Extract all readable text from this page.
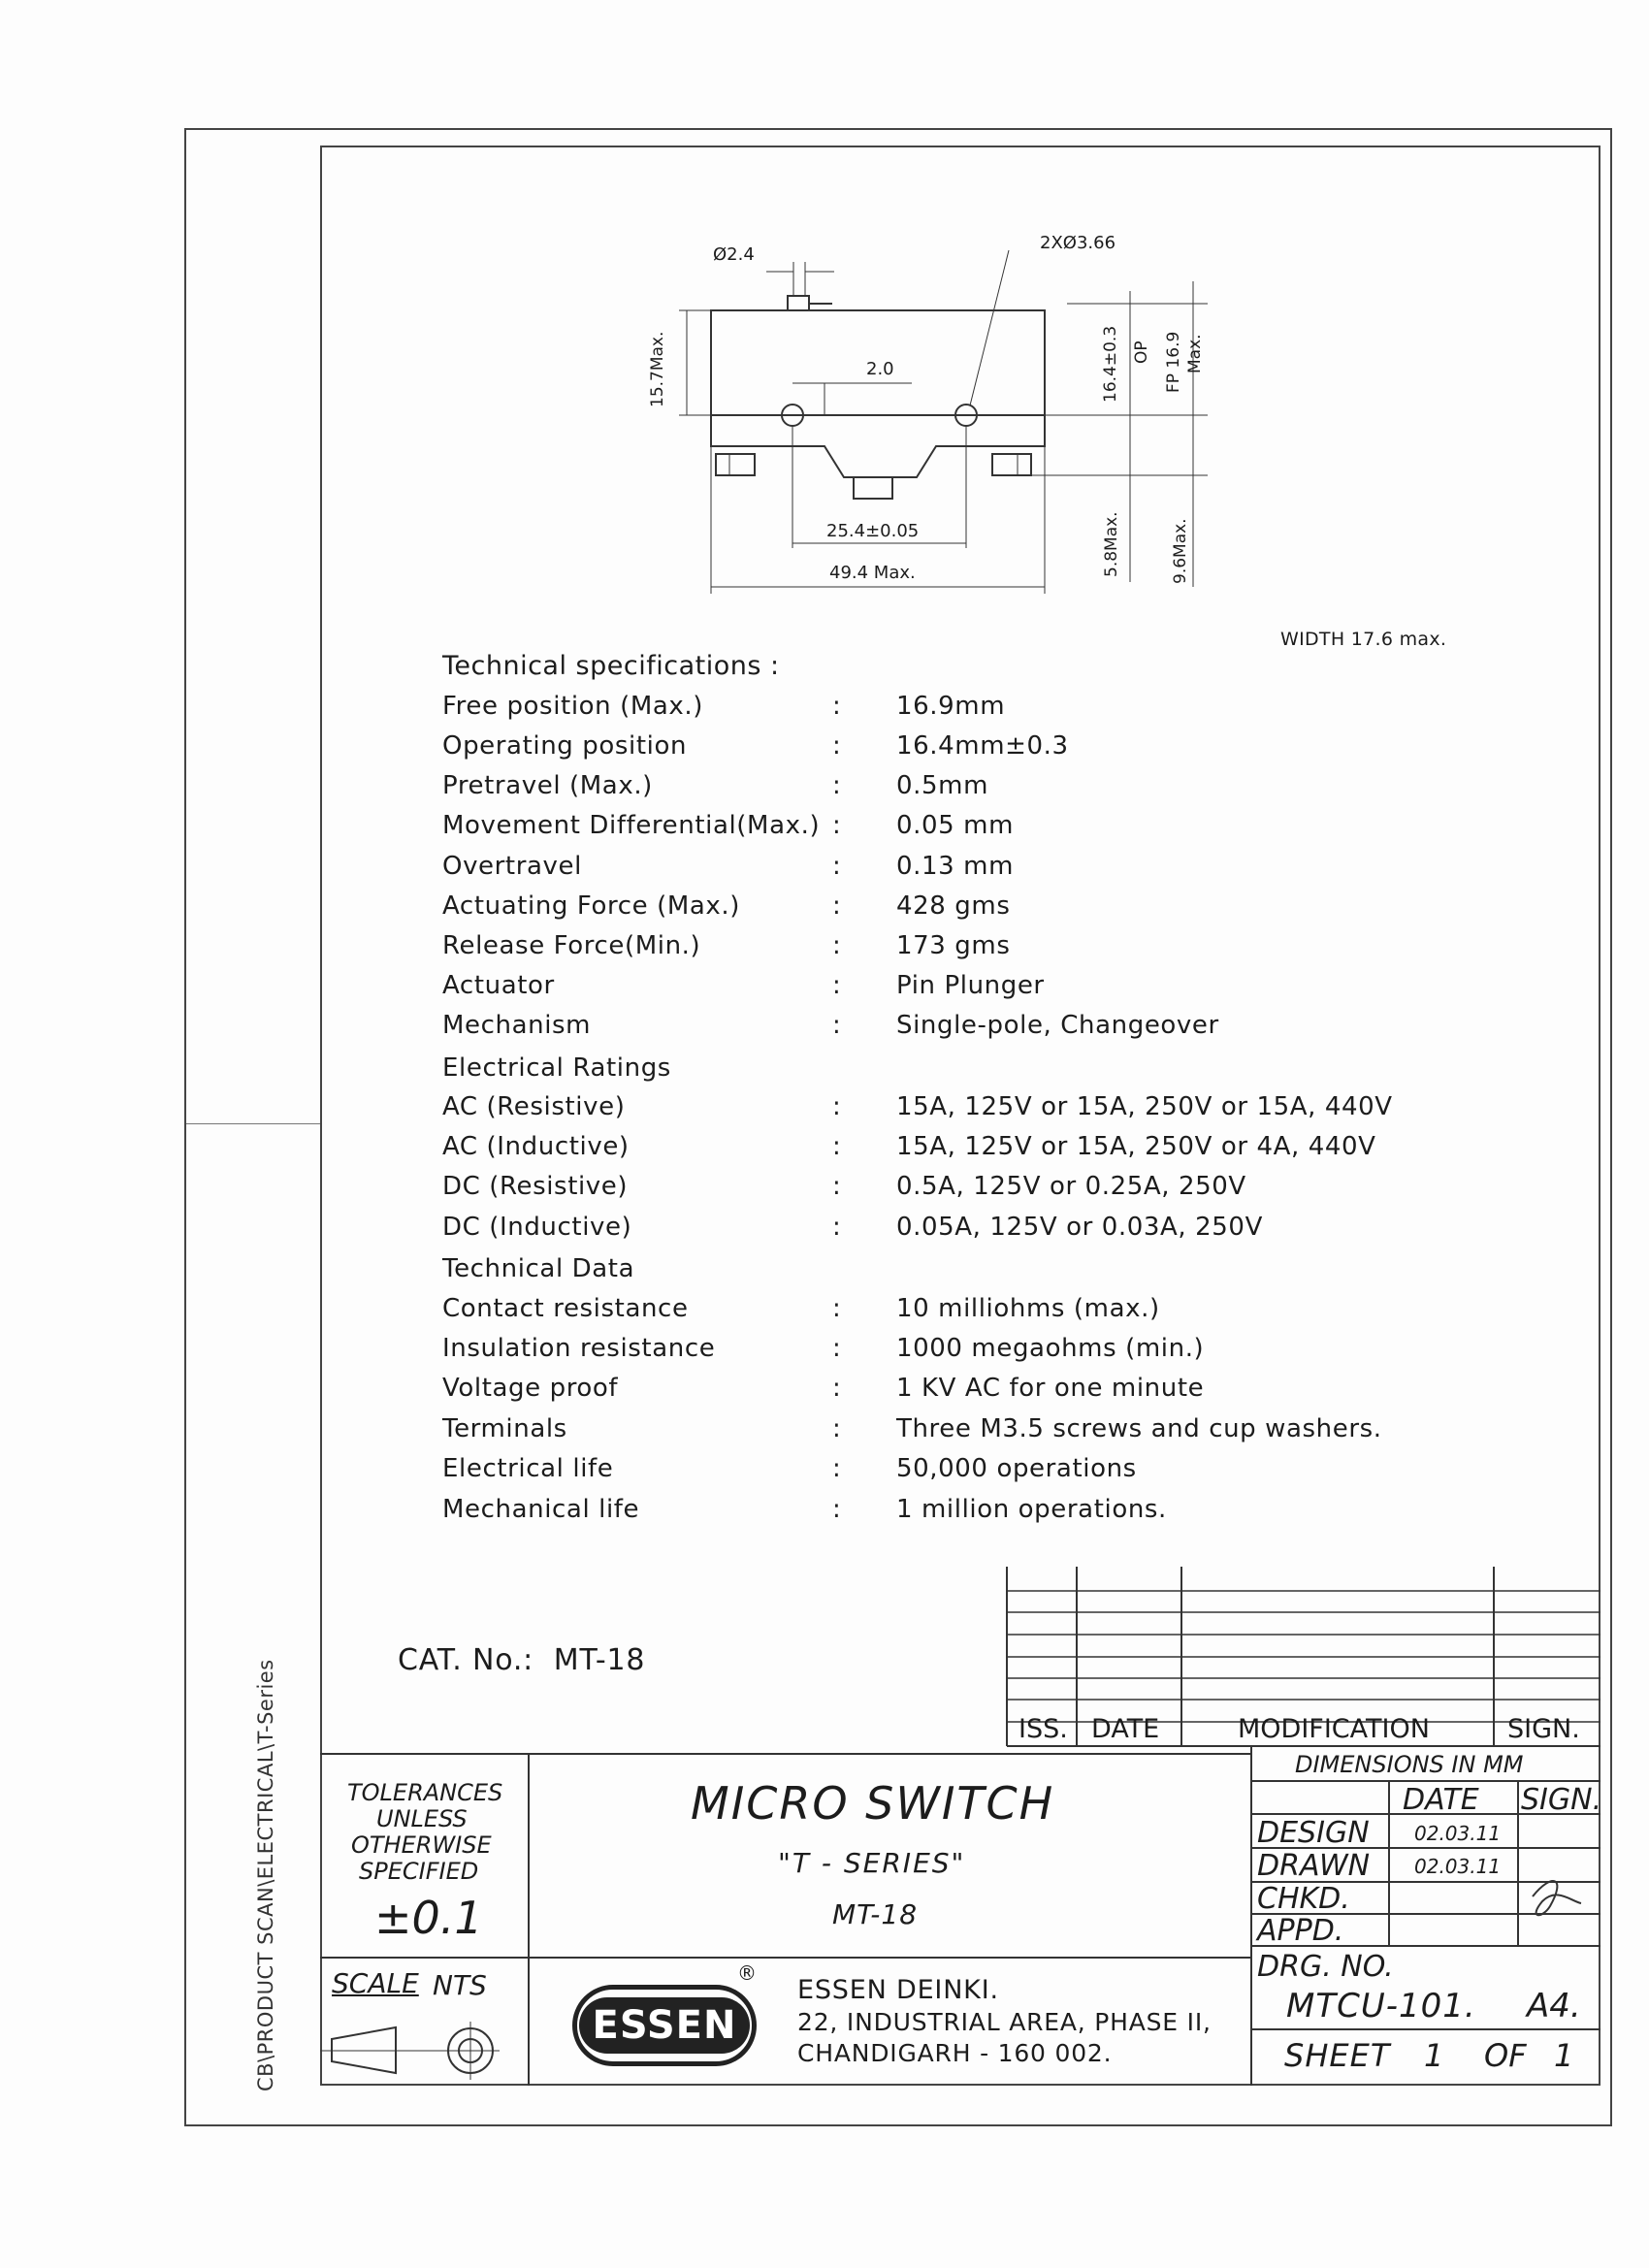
CB\PRODUCT SCAN\ELECTRICAL\T-Series
Ø2.4
2XØ3.66
2.0
25.4±0.05
49.4 Max.
15.7Max.	16.4±0.3 OP FP 16.9 Max.
5.8Max.	9.6Max.
WIDTH 17.6 max.
Technical specifications :
Free position (Max.)	: 16.9mm
Operating position	: 16.4mm±0.3
Pretravel (Max.)	: 0.5mm
Movement Differential(Max.) : 0.05 mm
Overtravel	: 0.13 mm
Actuating Force (Max.)	: 428 gms
Release Force(Min.)	: 173 gms
Actuator	: Pin Plunger
Mechanism	: Single-pole, Changeover
Electrical Ratings
AC (Resistive)	: 15A, 125V or 15A, 250V or 15A, 440V
AC (Inductive)	: 15A, 125V or 15A, 250V or 4A, 440V
DC (Resistive)	: 0.5A, 125V or 0.25A, 250V
DC (Inductive)	: 0.05A, 125V or 0.03A, 250V
Technical Data
Contact resistance	: 10 milliohms (max.)
Insulation resistance	: 1000 megaohms (min.)
Voltage proof	: 1 KV AC for one minute
Terminals	: Three M3.5 screws and cup washers.
Electrical life	: 50,000 operations
Mechanical life	: 1 million operations.
CAT. No.: MT-18
ISS. DATE	MODIFICATION	SIGN.
TOLERANCES
UNLESS
OTHERWISE
SPECIFIED
±0.1
SCALE NTS
MICRO SWITCH
"T - SERIES"
MT-18
ESSEN
®
ESSEN DEINKI.
22, INDUSTRIAL AREA, PHASE II,
CHANDIGARH - 160 002.
DIMENSIONS IN MM
DATE SIGN.
DESIGN 02.03.11
DRAWN 02.03.11
CHKD.
APPD.
DRG. NO.
MTCU-101. A4.
SHEET 1 OF 1
